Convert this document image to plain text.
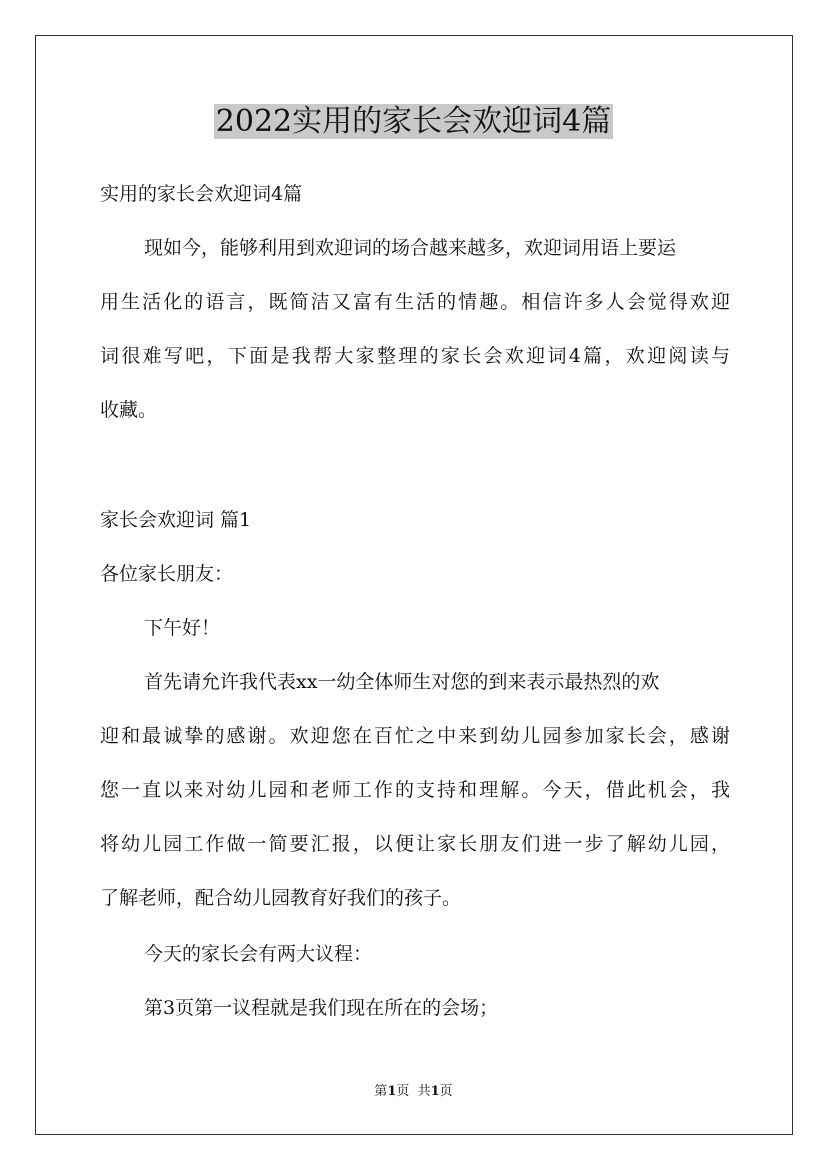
2022实用的家长会欢迎词4篇
实用的家长会欢迎词4篇
现如今，能够利用到欢迎词的场合越来越多，欢迎词用语上要运
用生活化的语言，既简洁又富有生活的情趣。相信许多人会觉得欢迎
词很难写吧，下面是我帮大家整理的家长会欢迎词4篇，欢迎阅读与
收藏。
家长会欢迎词 篇1
各位家长朋友：
下午好！
首先请允许我代表xx一幼全体师生对您的到来表示最热烈的欢
迎和最诚挚的感谢。欢迎您在百忙之中来到幼儿园参加家长会，感谢
您一直以来对幼儿园和老师工作的支持和理解。今天，借此机会，我
将幼儿园工作做一简要汇报，以便让家长朋友们进一步了解幼儿园，
了解老师，配合幼儿园教育好我们的孩子。
今天的家长会有两大议程：
第3页第一议程就是我们现在所在的会场；
第1页  共1页
